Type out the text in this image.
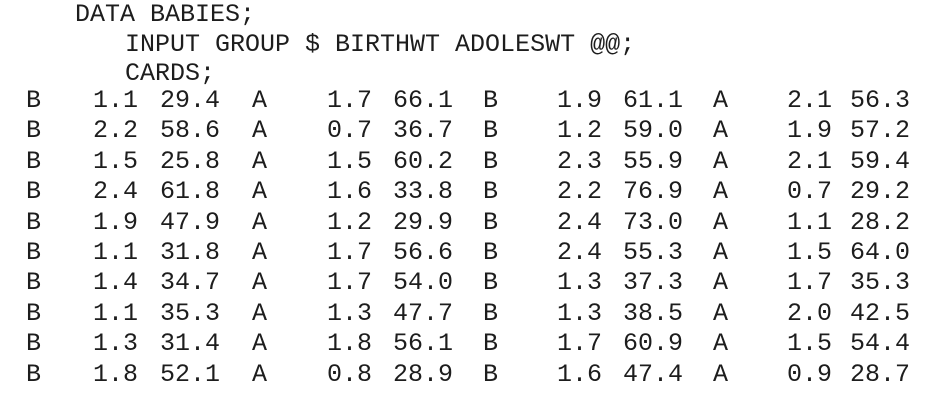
DATA BABIES;
INPUT GROUP $ BIRTHWT ADOLESWT @@;
CARDS;
B	1.1 29.4	A	1.7 66.1	B	1.9 61.1	A	2.1 56.3
B	2.2 58.6	A	0.7 36.7	B	1.2 59.0	A	1.9 57.2
B	1.5 25.8	A	1.5 60.2	B	2.3 55.9	A	2.1 59.4
B	2.4 61.8	A	1.6 33.8	B	2.2 76.9	A	0.7 29.2
B	1.9 47.9	A	1.2 29.9	B	2.4 73.0	A	1.1 28.2
B	1.1 31.8	A	1.7 56.6	B	2.4 55.3	A	1.5 64.0
B	1.4 34.7	A	1.7 54.0	B	1.3 37.3	A	1.7 35.3
B	1.1 35.3	A	1.3 47.7	B	1.3 38.5	A	2.0 42.5
B	1.3 31.4	A	1.8 56.1	B	1.7 60.9	A	1.5 54.4
B	1.8 52.1	A	0.8 28.9	B	1.6 47.4	A	0.9 28.7
